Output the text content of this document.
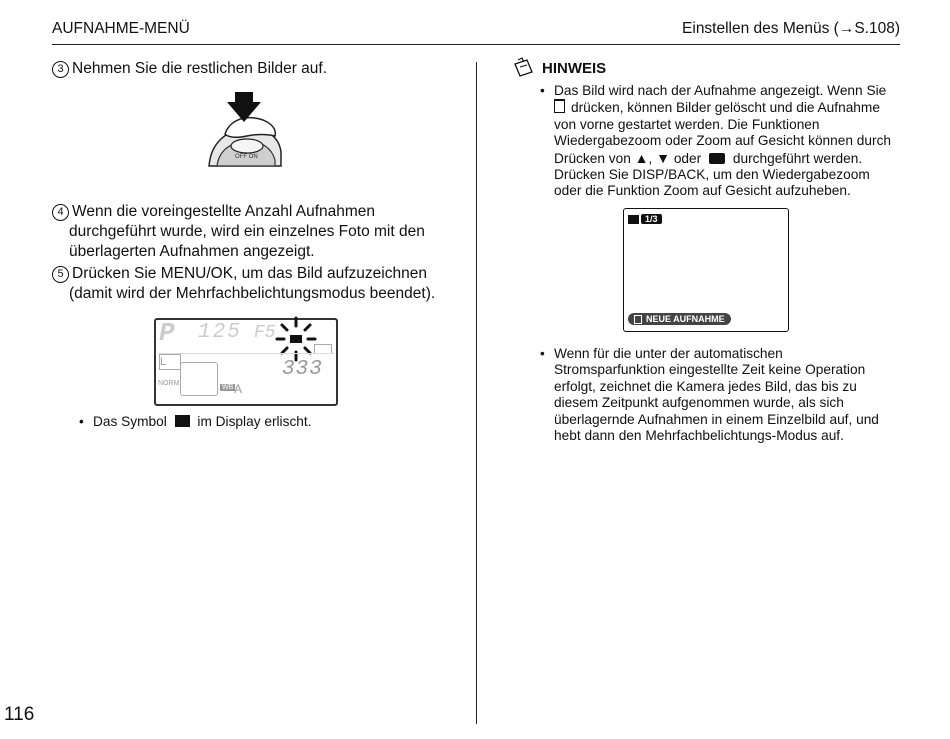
AUFNAHME-MENÜ	Einstellen des Menüs (→S.108)
3 Nehmen Sie die restlichen Bilder auf.
OFF ON
4 Wenn die voreingestellte Anzahl Aufnahmen
durchgeführt wurde, wird ein einzelnes Foto mit den
überlagerten Aufnahmen angezeigt.
5 Drücken Sie MENU/OK, um das Bild aufzuzeichnen
(damit wird der Mehrfachbelichtungsmodus beendet).
P 125 F5
L
NORM
WB A
333
• Das Symbol im Display erlischt.
HINWEIS
• Das Bild wird nach der Aufnahme angezeigt. Wenn Sie
drücken, können Bilder gelöscht und die Aufnahme
von vorne gestartet werden. Die Funktionen
Wiedergabezoom oder Zoom auf Gesicht können durch
Drücken von ▲, ▼ oder durchgeführt werden.
Drücken Sie DISP/BACK, um den Wiedergabezoom
oder die Funktion Zoom auf Gesicht aufzuheben.
1/3
NEUE AUFNAHME
• Wenn für die unter der automatischen
Stromsparfunktion eingestellte Zeit keine Operation
erfolgt, zeichnet die Kamera jedes Bild, das bis zu
diesem Zeitpunkt aufgenommen wurde, als sich
überlagernde Aufnahmen in einem Einzelbild auf, und
hebt dann den Mehrfachbelichtungs-Modus auf.
116
